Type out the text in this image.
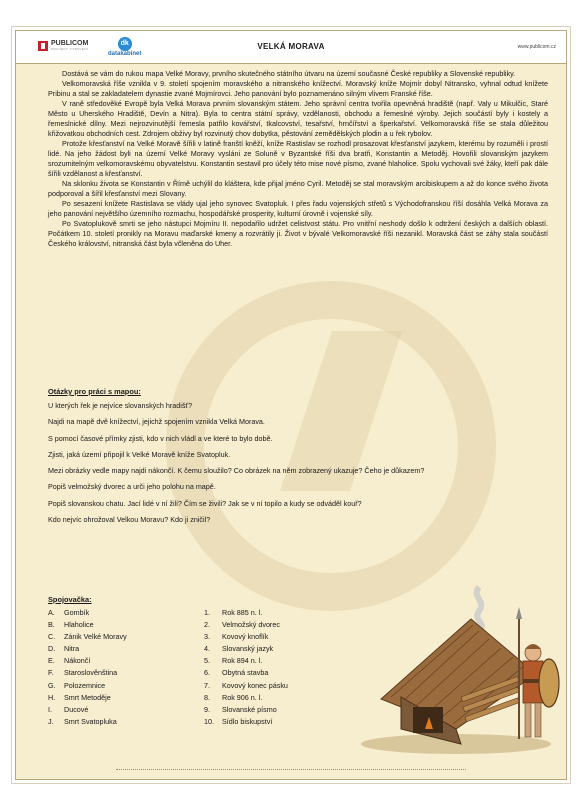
PUBLICOM
PROJEKT VYBAVENI
dk
datakabinet
VELKÁ MORAVA	www.publicom.cz

Dostává se vám do rukou mapa Velké Moravy, prvního skutečného státního útvaru na území současné České republiky a Slovenské republiky.

Velkomoravská říše vznikla v 9. století spojením moravského a nitranského knížectví. Moravský kníže Mojmír dobyl Nitransko, vyhnal odtud knížete Pribinu a stal se zakladatelem dynastie zvané Mojmírovci. Jeho panování bylo poznamenáno silným vlivem Franské říše.

V raně středověké Evropě byla Velká Morava prvním slovanským státem. Jeho správní centra tvořila opevněná hradiště (např. Valy u Mikulčic, Staré Město u Uherského Hradiště, Devín a Nitra). Byla to centra státní správy, vzdělanosti, obchodu a řemeslné výroby. Jejich součástí byly i kostely a řemeslnické dílny. Mezi nejrozvinutější řemesla patřilo kovářství, tkalcovství, tesařství, hrnčířství a šperkařství. Velkomoravská říše se stala důležitou křižovatkou obchodních cest. Zdrojem obživy byl rozvinutý chov dobytka, pěstování zemědělských plodin a u řek rybolov.

Protože křesťanství na Velké Moravě šířili v latině franští kněží, kníže Rastislav se rozhodl prosazovat křesťanství jazykem, kterému by rozuměli i prostí lidé. Na jeho žádost byli na území Velké Moravy vysláni ze Soluně v Byzantské říši dva bratři, Konstantin a Metoděj. Hovořili slovanským jazykem srozumitelným velkomoravskému obyvatelstvu. Konstantin sestavil pro účely této mise nové písmo, zvané hlaholice. Spolu vychovali své žáky, kteří pak dále šířili vzdělanost a křesťanství.

Na sklonku života se Konstantin v Římě uchýlil do kláštera, kde přijal jméno Cyril. Metoděj se stal moravským arcibiskupem a až do konce svého života podporoval a šířil křesťanství mezi Slovany.

Po sesazení knížete Rastislava se vlády ujal jeho synovec Svatopluk. I přes řadu vojenských střetů s Východofranskou říší dosáhla Velká Morava za jeho panování největšího územního rozmachu, hospodářské prosperity, kulturní úrovně i vojenské síly.

Po Svatoplukově smrti se jeho nástupci Mojmíru II. nepodařilo udržet celistvost státu. Pro vnitřní neshody došlo k odtržení českých a dalších oblastí. Počátkem 10. století pronikly na Moravu maďarské kmeny a rozvrátily ji. Život v bývalé Velkomoravské říši nezanikl. Moravská část se záhy stala součástí Českého království, nitranská část byla včleněna do Uher.

Otázky pro práci s mapou:
U kterých řek je nejvíce slovanských hradišť?
Najdi na mapě dvě knížectví, jejichž spojením vznikla Velká Morava.
S pomocí časové přímky zjisti, kdo v nich vládl a ve které to bylo době.
Zjisti, jaká území připojil k Velké Moravě kníže Svatopluk.
Mezi obrázky vedle mapy najdi nákončí. K čemu sloužilo? Co obrázek na něm zobrazený ukazuje? Čeho je důkazem?
Popiš velmožský dvorec a urči jeho polohu na mapě.
Popiš slovanskou chatu. Jací lidé v ní žili? Čím se živili? Jak se v ní topilo a kudy se odváděl kouř?
Kdo nejvíc ohrožoval Velkou Moravu? Kdo ji zničil?
Spojovačka:
A.	Gombík	1.	Rok 885 n. l.
B.	Hlaholice	2.	Velmožský dvorec
C.	Zánik Velké Moravy	3.	Kovový knoflík
D.	Nitra	4.	Slovanský jazyk
E.	Nákončí	5.	Rok 894 n. l.
F.	Staroslověnština	6.	Obytná stavba
G.	Polozemnice	7.	Kovový konec pásku
H.	Smrt Metoděje	8.	Rok 906 n. l.
I.	Ducové	9.	Slovanské písmo
J.	Smrt Svatopluka	10.	Sídlo biskupství
